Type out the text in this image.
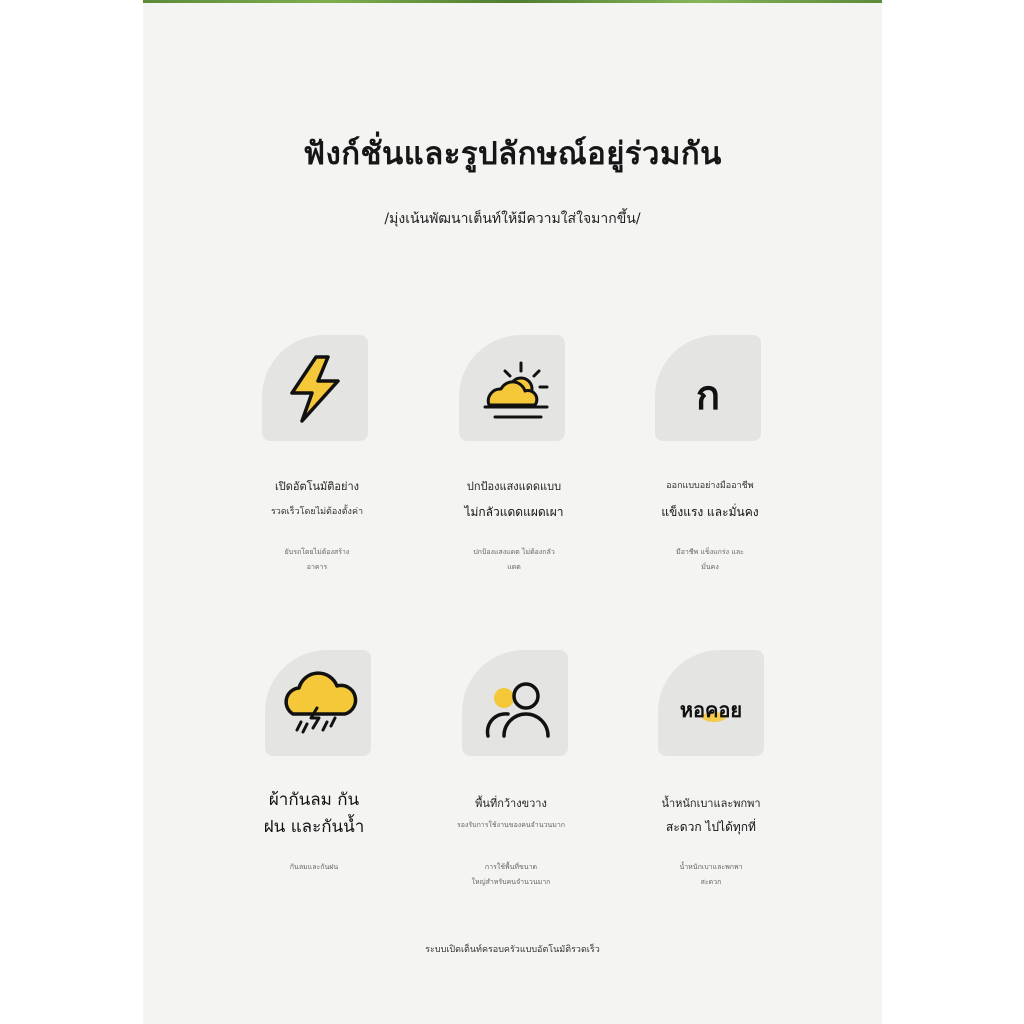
ฟังก์ชั่นและรูปลักษณ์อยู่ร่วมกัน
/มุ่งเน้นพัฒนาเต็นท์ให้มีความใส่ใจมากขึ้น/
เปิดอัตโนมัติอย่าง
รวดเร็วโดยไม่ต้องตั้งค่า
ยับรถโดยไม่ต้องสร้าง
อาคาร
ปกป้องแสงแดดแบบ
ไม่กลัวแดดแผดเผา
ปกป้องแสงแดด ไม่ต้องกลัว
แดด
ก
ออกแบบอย่างมืออาชีพ
แข็งแรง และมั่นคง
มีอาชีพ แข็งแกร่ง และ
มั่นคง
ผ้ากันลม กัน
ฝน และกันน้ำ
กันลมและกันฝน
พื้นที่กว้างขวาง
รองรับการใช้งานของคนจำนวนมาก
การใช้พื้นที่ขนาด
ใหญ่สำหรับคนจำนวนมาก
หอคอย
น้ำหนักเบาและพกพา
สะดวก ไปได้ทุกที่
น้ำหนักเบาและพกพา
สะดวก
ระบบเปิดเต็นท์ครอบครัวแบบอัตโนมัติรวดเร็ว
